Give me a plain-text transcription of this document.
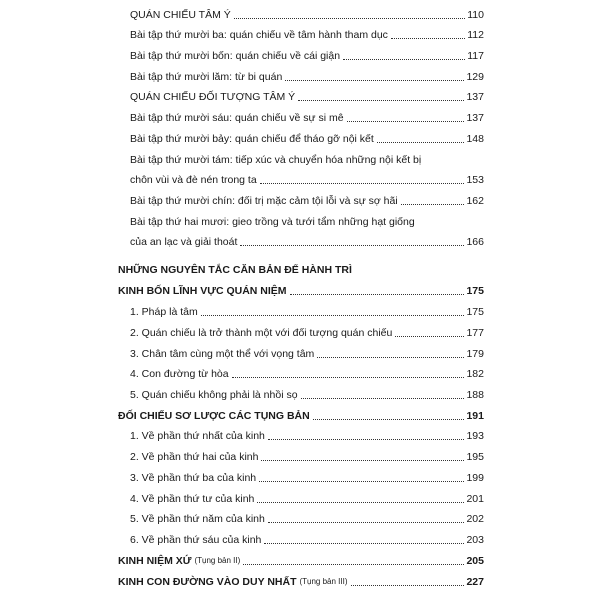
QUÁN CHIẾU TÂM Ý	110
Bài tập thứ mười ba: quán chiếu về tâm hành tham dục	112
Bài tập thứ mười bốn: quán chiếu về cái giận	117
Bài tập thứ mười lăm: từ bi quán	129
QUÁN CHIẾU ĐỐI TƯỢNG TÂM Ý	137
Bài tập thứ mười sáu: quán chiếu về sự si mê	137
Bài tập thứ mười bảy: quán chiếu để tháo gỡ nội kết	148
Bài tập thứ mười tám: tiếp xúc và chuyển hóa những nội kết bị
chôn vùi và đè nén trong ta	153
Bài tập thứ mười chín: đối trị mặc cảm tội lỗi và sự sợ hãi	162
Bài tập thứ hai mươi: gieo trồng và tưới tẩm những hạt giống
của an lạc và giải thoát	166
NHỮNG NGUYÊN TẮC CĂN BẢN ĐỂ HÀNH TRÌ
KINH BỐN LĨNH VỰC QUÁN NIỆM	175
1. Pháp là tâm	175
2. Quán chiếu là trở thành một với đối tượng quán chiếu	177
3. Chân tâm cùng một thể với vọng tâm	179
4. Con đường từ hòa	182
5. Quán chiếu không phải là nhồi sọ	188
ĐỐI CHIẾU SƠ LƯỢC CÁC TỤNG BẢN	191
1. Về phần thứ nhất của kinh	193
2. Về phần thứ hai của kinh	195
3. Về phần thứ ba của kinh	199
4. Về phần thứ tư của kinh	201
5. Về phần thứ năm của kinh	202
6. Về phần thứ sáu của kinh	203
KINH NIỆM XỨ (Tụng bản II)	205
KINH CON ĐƯỜNG VÀO DUY NHẤT (Tụng bản III)	227
